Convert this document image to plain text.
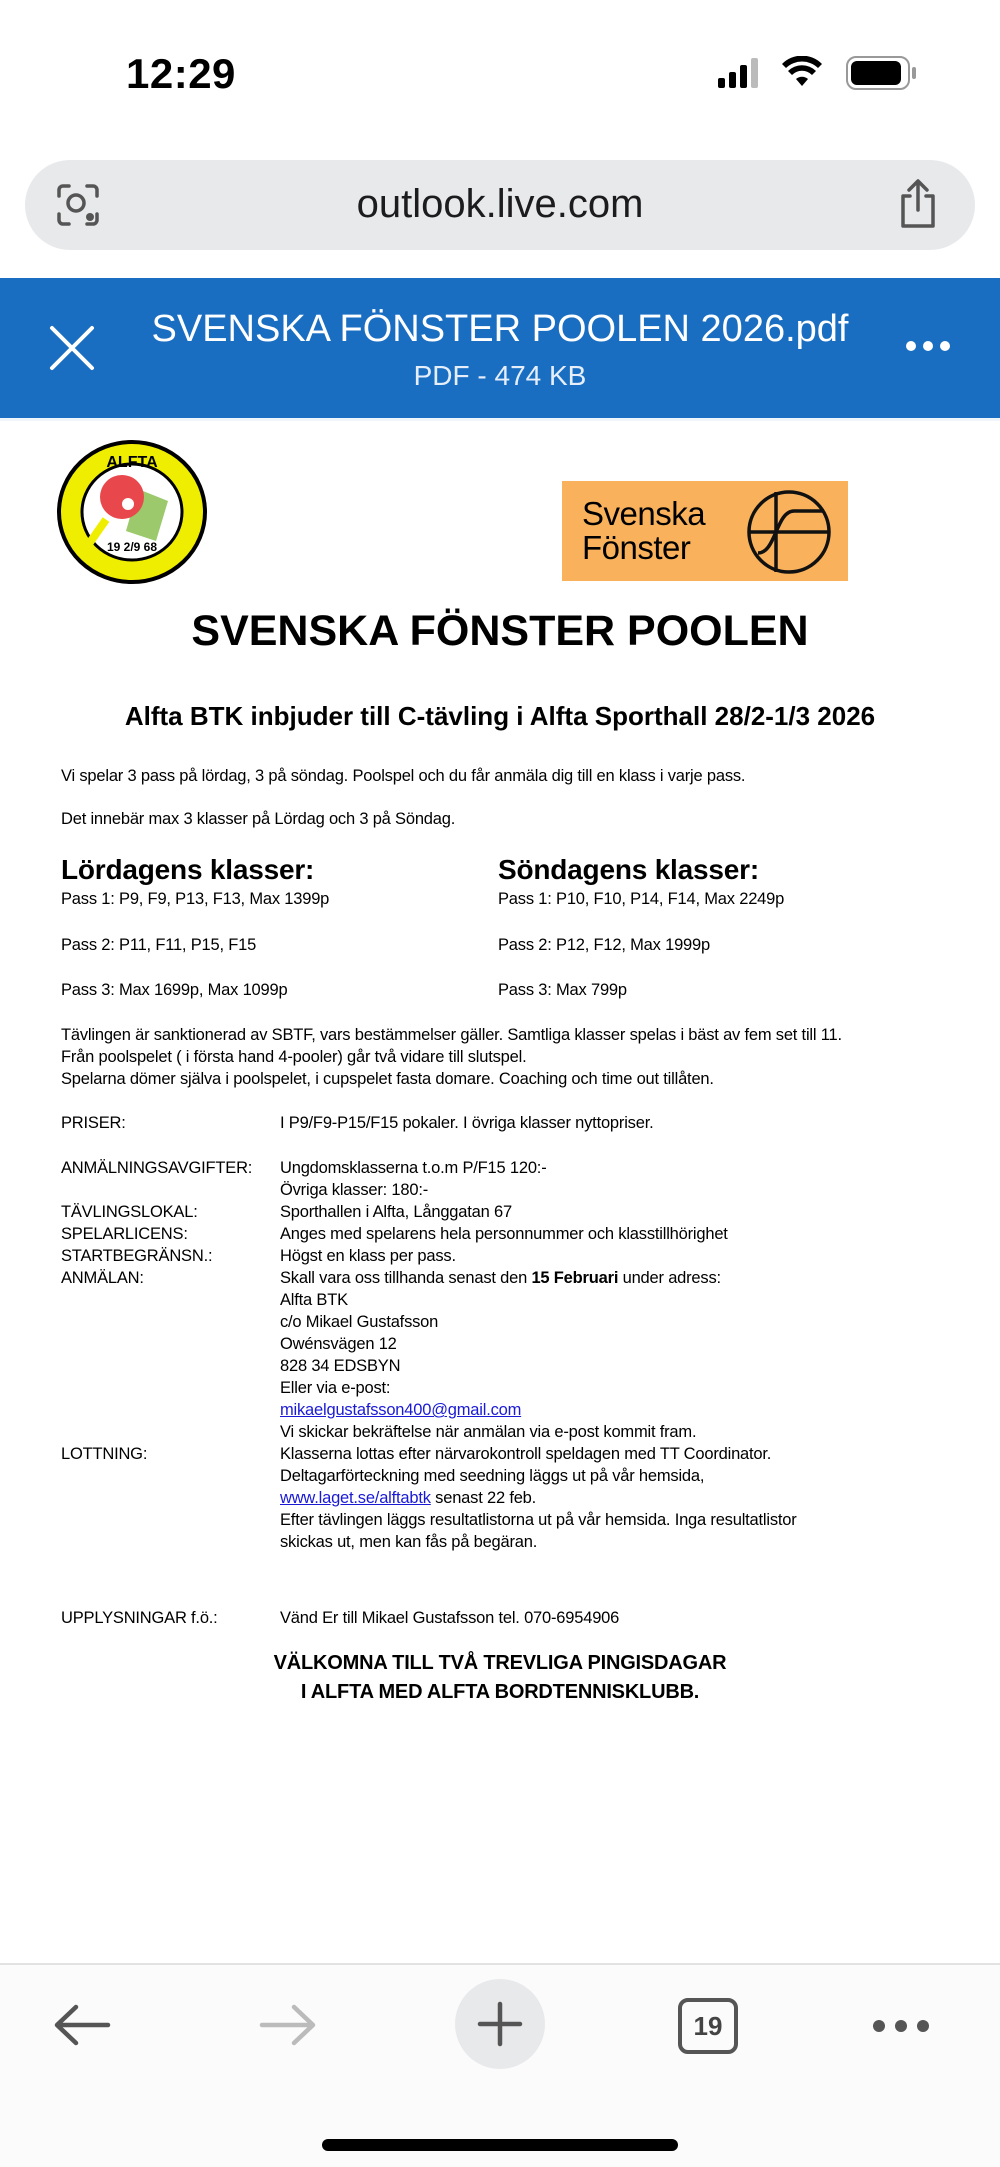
12:29
outlook.live.com
SVENSKA FÖNSTER POOLEN 2026.pdf
PDF - 474 KB
ALFTA
19 2/9 68
Svenska
Fönster
SVENSKA FÖNSTER POOLEN
Alfta BTK inbjuder till C-tävling i Alfta Sporthall 28/2-1/3 2026
Vi spelar 3 pass på lördag, 3 på söndag. Poolspel och du får anmäla dig till en klass i varje pass.
Det innebär max 3 klasser på Lördag och 3 på Söndag.
Lördagens klasser:
Pass 1: P9, F9, P13, F13, Max 1399p
Pass 2: P11, F11, P15, F15
Pass 3: Max 1699p, Max 1099p
Söndagens klasser:
Pass 1: P10, F10, P14, F14, Max 2249p
Pass 2: P12, F12, Max 1999p
Pass 3: Max 799p
Tävlingen är sanktionerad av SBTF, vars bestämmelser gäller. Samtliga klasser spelas i bäst av fem set till 11.
Från poolspelet ( i första hand 4-pooler) går två vidare till slutspel.
Spelarna dömer själva i poolspelet, i cupspelet fasta domare. Coaching och time out tillåten.
PRISER:	I P9/F9-P15/F15 pokaler. I övriga klasser nyttopriser.
ANMÄLNINGSAVGIFTER: Ungdomsklasserna t.o.m P/F15 120:-
Övriga klasser: 180:-
TÄVLINGSLOKAL:	Sporthallen i Alfta, Långgatan 67
SPELARLICENS:	Anges med spelarens hela personnummer och klasstillhörighet
STARTBEGRÄNSN.:	Högst en klass per pass.
ANMÄLAN:	Skall vara oss tillhanda senast den 15 Februari under adress:
Alfta BTK
c/o Mikael Gustafsson
Owénsvägen 12
828 34 EDSBYN
Eller via e-post:
mikaelgustafsson400@gmail.com
Vi skickar bekräftelse när anmälan via e-post kommit fram.
LOTTNING:	Klasserna lottas efter närvarokontroll speldagen med TT Coordinator.
Deltagarförteckning med seedning läggs ut på vår hemsida,
www.laget.se/alftabtk senast 22 feb.
Efter tävlingen läggs resultatlistorna ut på vår hemsida. Inga resultatlistor
skickas ut, men kan fås på begäran.
UPPLYSNINGAR f.ö.:	Vänd Er till Mikael Gustafsson tel. 070-6954906
VÄLKOMNA TILL TVÅ TREVLIGA PINGISDAGAR
I ALFTA MED ALFTA BORDTENNISKLUBB.
19
